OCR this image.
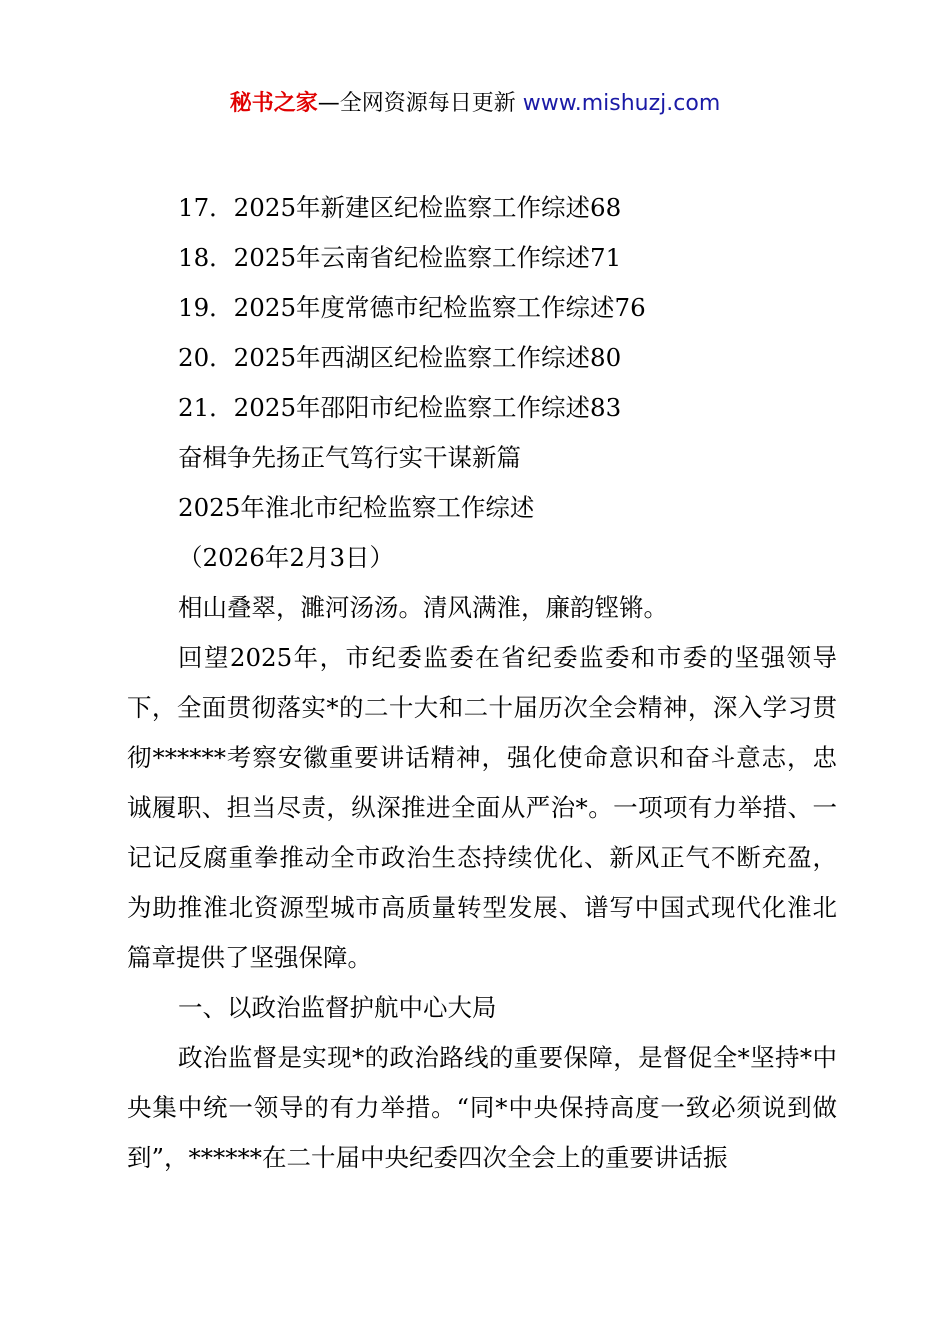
秘书之家—全网资源每日更新 www.mishuzj.com

17．2025年新建区纪检监察工作综述68

18．2025年云南省纪检监察工作综述71

19．2025年度常德市纪检监察工作综述76

20．2025年西湖区纪检监察工作综述80

21．2025年邵阳市纪检监察工作综述83

奋楫争先扬正气笃行实干谋新篇

2025年淮北市纪检监察工作综述

（2026年2月3日）

相山叠翠，濉河汤汤。清风满淮，廉韵铿锵。

回望2025年，市纪委监委在省纪委监委和市委的坚强领导下，全面贯彻落实*的二十大和二十届历次全会精神，深入学习贯彻******考察安徽重要讲话精神，强化使命意识和奋斗意志，忠诚履职、担当尽责，纵深推进全面从严治*。一项项有力举措、一记记反腐重拳推动全市政治生态持续优化、新风正气不断充盈，为助推淮北资源型城市高质量转型发展、谱写中国式现代化淮北篇章提供了坚强保障。

一、以政治监督护航中心大局

政治监督是实现*的政治路线的重要保障，是督促全*坚持*中央集中统一领导的有力举措。“同*中央保持高度一致必须说到做到”，******在二十届中央纪委四次全会上的重要讲话振
